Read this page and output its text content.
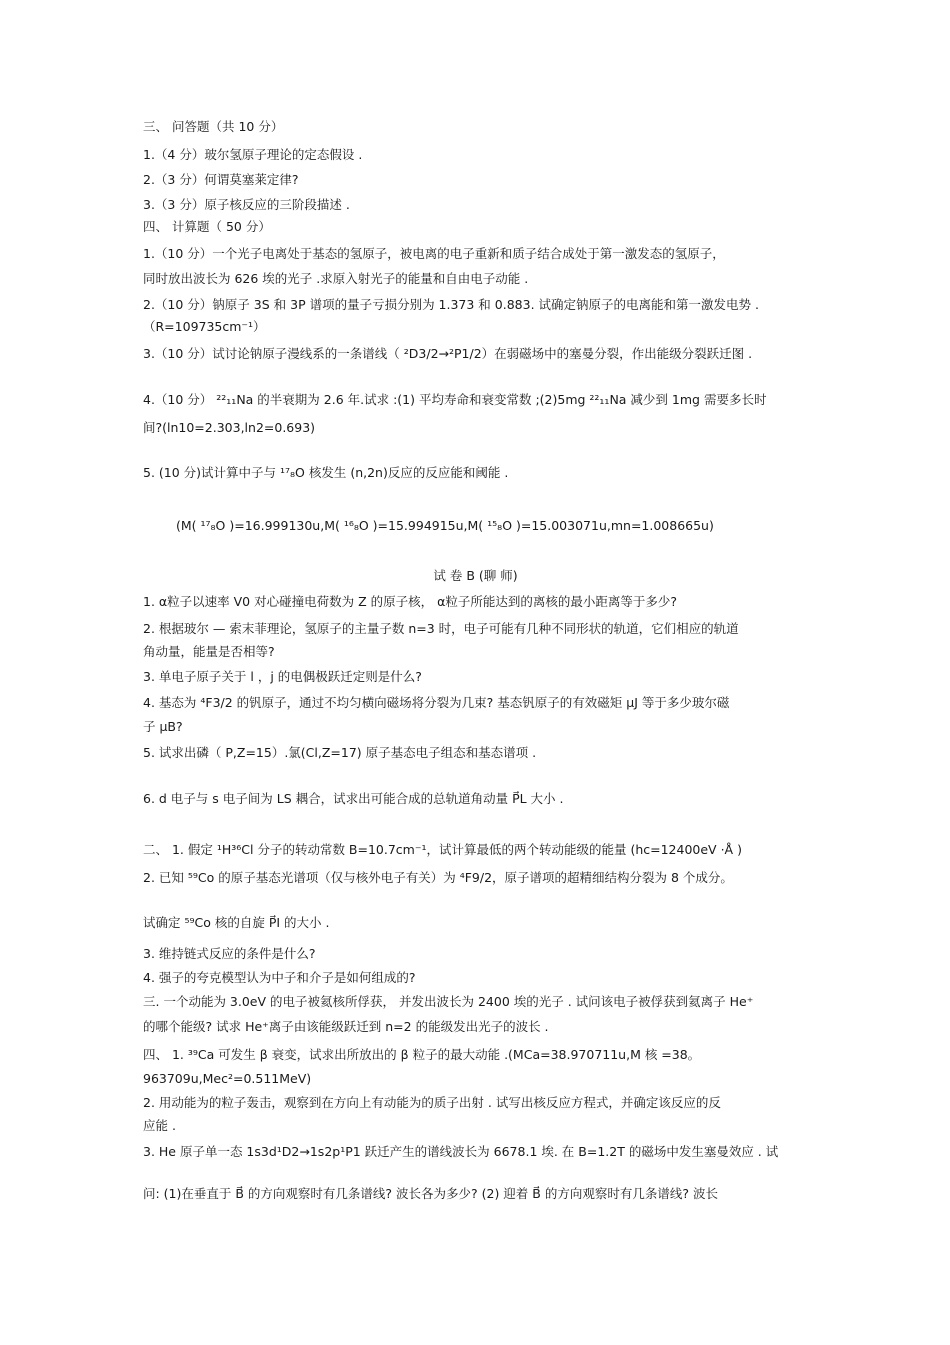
三、 问答题（共 10 分）
1.（4 分）玻尔氢原子理论的定态假设 .
2.（3 分）何谓莫塞莱定律?
3.（3 分）原子核反应的三阶段描述 .
四、 计算题（ 50 分）
1.（10 分）一个光子电离处于基态的氢原子，被电离的电子重新和质子结合成处于第一激发态的氢原子，
同时放出波长为 626 埃的光子 .求原入射光子的能量和自由电子动能 .
2.（10 分）钠原子 3S 和 3P 谱项的量子亏损分别为 1.373 和 0.883. 试确定钠原子的电离能和第一激发电势 .
（R=109735cm⁻¹）
3.（10 分）试讨论钠原子漫线系的一条谱线（ ²D3/2→²P1/2）在弱磁场中的塞曼分裂，作出能级分裂跃迁图 .
4.（10 分） ²²₁₁Na 的半衰期为 2.6 年.试求 :(1) 平均寿命和衰变常数 ;(2)5mg ²²₁₁Na 减少到 1mg 需要多长时
间?(ln10=2.303,ln2=0.693)
5. (10 分)试计算中子与 ¹⁷₈O 核发生 (n,2n)反应的反应能和阈能 .
(M( ¹⁷₈O )=16.999130u,M( ¹⁶₈O )=15.994915u,M( ¹⁵₈O )=15.003071u,mn=1.008665u)
试 卷 B (聊 师)
1. α粒子以速率 V0 对心碰撞电荷数为 Z 的原子核， α粒子所能达到的离核的最小距离等于多少?
2. 根据玻尔 — 索末菲理论，氢原子的主量子数 n=3 时，电子可能有几种不同形状的轨道，它们相应的轨道
角动量，能量是否相等?
3. 单电子原子关于 l ，j 的电偶极跃迁定则是什么?
4. 基态为 ⁴F3/2 的钒原子，通过不均匀横向磁场将分裂为几束? 基态钒原子的有效磁矩 μJ 等于多少玻尔磁
子 μB?
5. 试求出磷（ P,Z=15）.氯(Cl,Z=17) 原子基态电子组态和基态谱项 .
6. d 电子与 s 电子间为 LS 耦合，试求出可能合成的总轨道角动量 P⃗L 大小 .
二、 1. 假定 ¹H³⁶Cl 分子的转动常数 B=10.7cm⁻¹，试计算最低的两个转动能级的能量 (hc=12400eV ·Å )
2. 已知 ⁵⁹Co 的原子基态光谱项（仅与核外电子有关）为 ⁴F9/2，原子谱项的超精细结构分裂为 8 个成分。
试确定 ⁵⁹Co 核的自旋 P⃗I 的大小 .
3. 维持链式反应的条件是什么?
4. 强子的夸克模型认为中子和介子是如何组成的?
三. 一个动能为 3.0eV 的电子被氦核所俘获， 并发出波长为 2400 埃的光子 . 试问该电子被俘获到氦离子 He⁺
的哪个能级? 试求 He⁺离子由该能级跃迁到 n=2 的能级发出光子的波长 .
四、 1. ³⁹Ca 可发生 β 衰变，试求出所放出的 β 粒子的最大动能 .(MCa=38.970711u,M 核 =38。
963709u,Mec²=0.511MeV)
2. 用动能为的粒子轰击，观察到在方向上有动能为的质子出射 . 试写出核反应方程式，并确定该反应的反
应能 .
3. He 原子单一态 1s3d¹D2→1s2p¹P1 跃迁产生的谱线波长为 6678.1 埃. 在 B=1.2T 的磁场中发生塞曼效应 . 试
问: (1)在垂直于 B⃗ 的方向观察时有几条谱线? 波长各为多少? (2) 迎着 B⃗ 的方向观察时有几条谱线? 波长
